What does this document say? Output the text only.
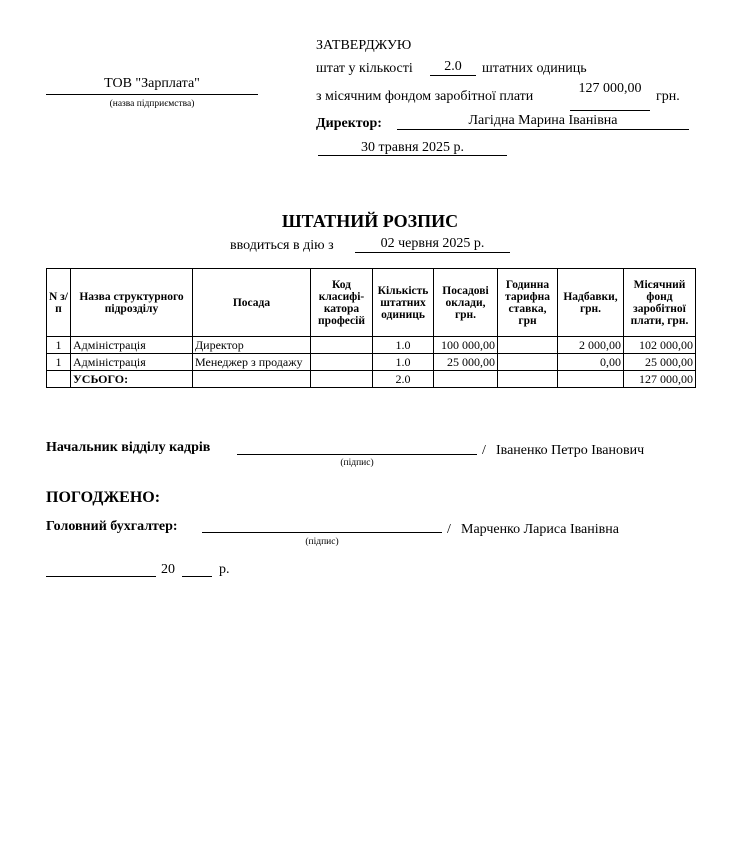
ТОВ "Зарплата"
(назва підприємства)
ЗАТВЕРДЖУЮ
штат у кількості	2.0	штатних одиниць
з місячним фондом заробітної плати
127 000,00
грн.
Директор:	Лагідна Марина Іванівна
30 травня 2025 р.
ШТАТНИЙ РОЗПИС
вводиться в дію з	02 червня 2025 р.
N з/п	Назва структурного підрозділу	Посада	Код класифі-катора професій	Кількість штатних одиниць	Посадові оклади, грн.	Годинна тарифна ставка, грн	Надбавки, грн.	Місячний фонд заробітної плати, грн.
1	Адміністрація	Директор		1.0	100 000,00		2 000,00	102 000,00
1	Адміністрація	Менеджер з продажу		1.0	25 000,00		0,00	25 000,00
	УСЬОГО:			2.0				127 000,00
Начальник відділу кадрів	/ Іваненко Петро Іванович
(підпис)
ПОГОДЖЕНО:
Головний бухгалтер:	/ Марченко Лариса Іванівна
(підпис)
20	р.
